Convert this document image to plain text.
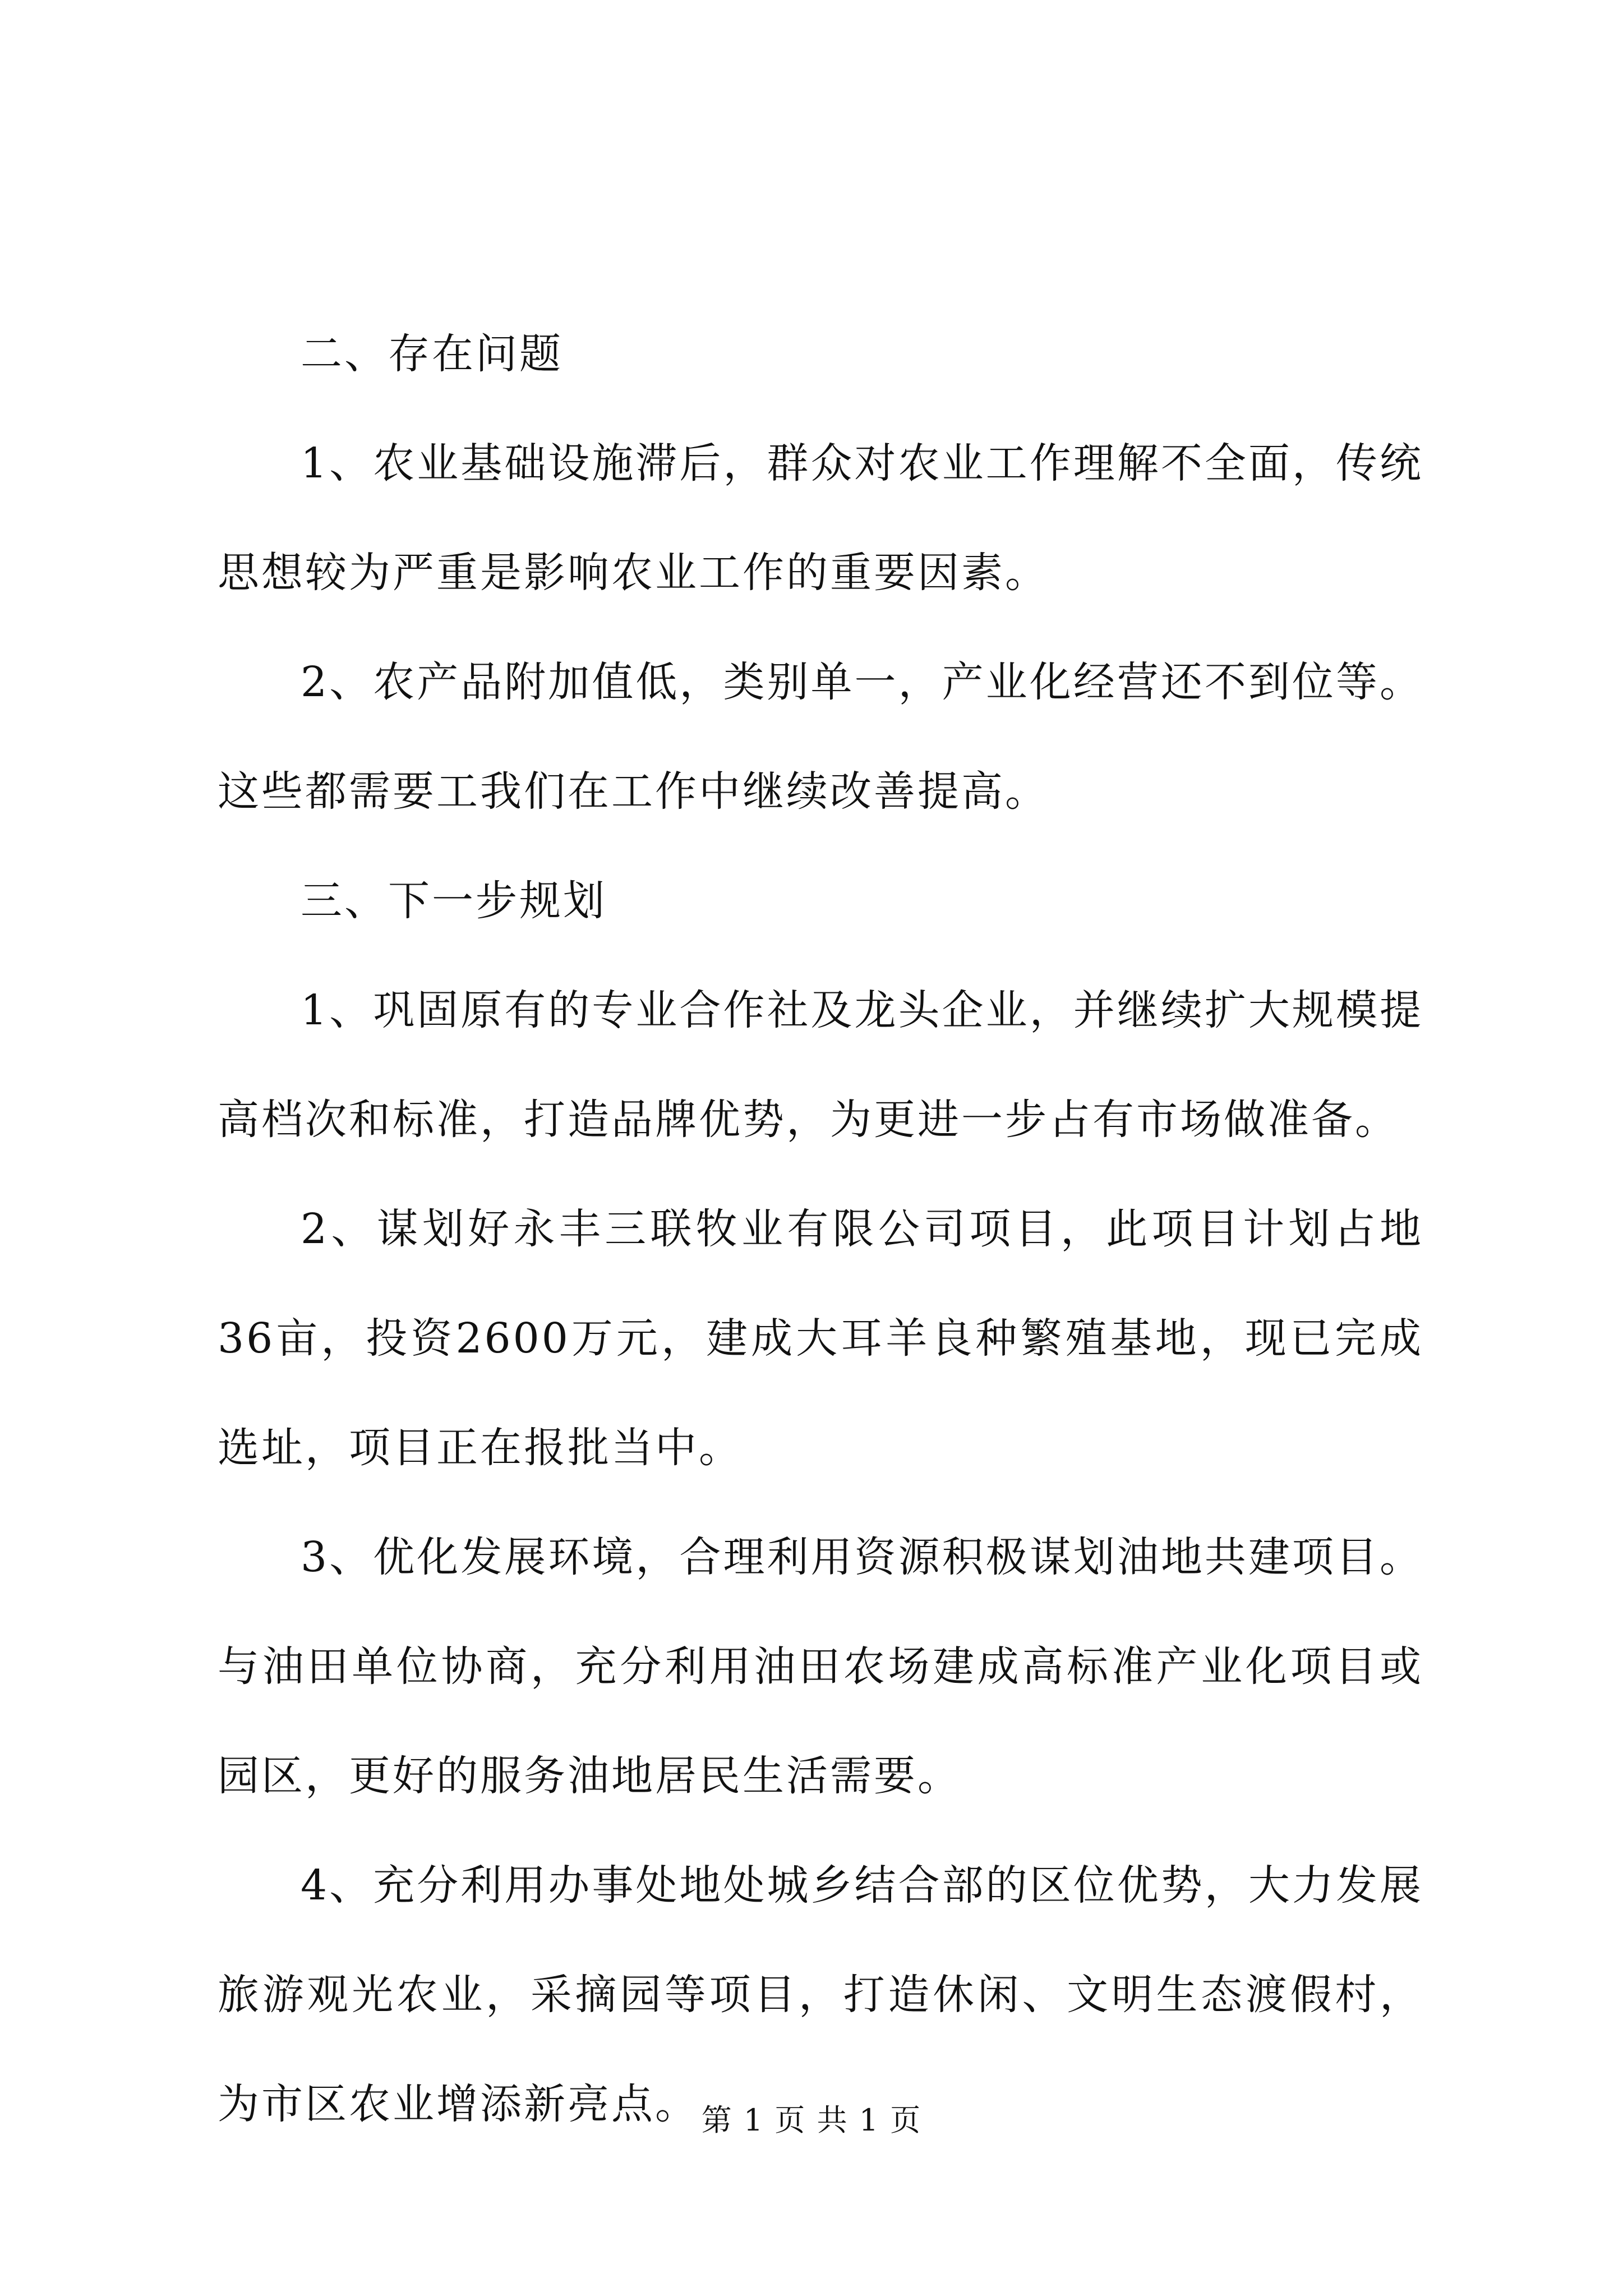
二、存在问题

1、农业基础设施滞后，群众对农业工作理解不全面，传统思想较为严重是影响农业工作的重要因素。

2、农产品附加值低，类别单一，产业化经营还不到位等。这些都需要工我们在工作中继续改善提高。

三、下一步规划

1、巩固原有的专业合作社及龙头企业，并继续扩大规模提高档次和标准，打造品牌优势，为更进一步占有市场做准备。

2、谋划好永丰三联牧业有限公司项目，此项目计划占地36亩，投资2600万元，建成大耳羊良种繁殖基地，现已完成选址，项目正在报批当中。

3、优化发展环境，合理利用资源积极谋划油地共建项目。与油田单位协商，充分利用油田农场建成高标准产业化项目或园区，更好的服务油地居民生活需要。

4、充分利用办事处地处城乡结合部的区位优势，大力发展旅游观光农业，采摘园等项目，打造休闲、文明生态渡假村，为市区农业增添新亮点。 第 1 页 共 1 页
